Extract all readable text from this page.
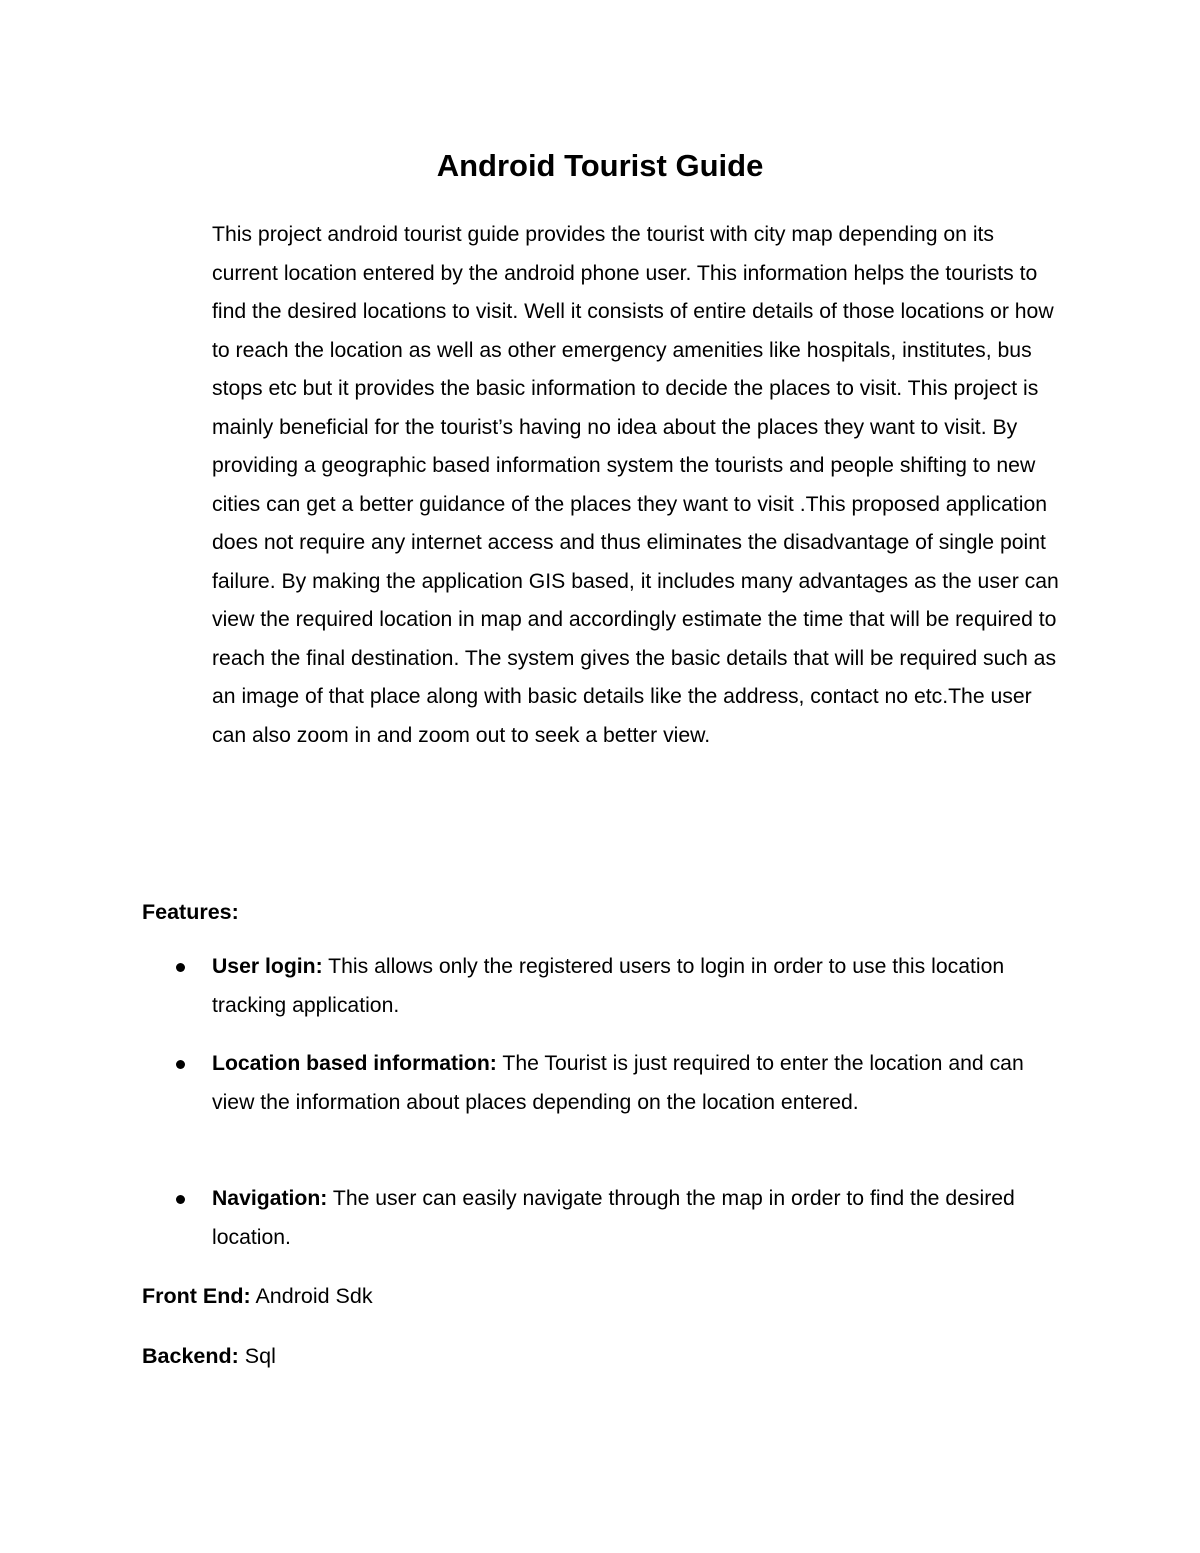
Android Tourist Guide

This project android tourist guide provides the tourist with city map depending on its current location entered by the android phone user. This information helps the tourists to find the desired locations to visit. Well it consists of entire details of those locations or how to reach the location as well as other emergency amenities like hospitals, institutes, bus stops etc but it provides the basic information to decide the places to visit. This project is mainly beneficial for the tourist’s having no idea about the places they want to visit. By providing a geographic based information system the tourists and people shifting to new cities can get a better guidance of the places they want to visit .This proposed application does not require any internet access and thus eliminates the disadvantage of single point failure. By making the application GIS based, it includes many advantages as the user can view the required location in map and accordingly estimate the time that will be required to reach the final destination. The system gives the basic details that will be required such as an image of that place along with basic details like the address, contact no etc.The user can also zoom in and zoom out to seek a better view.

Features:

User login: This allows only the registered users to login in order to use this location tracking application.
Location based information: The Tourist is just required to enter the location and can view the information about places depending on the location entered.
Navigation: The user can easily navigate through the map in order to find the desired location.

Front End: Android Sdk

Backend: Sql
